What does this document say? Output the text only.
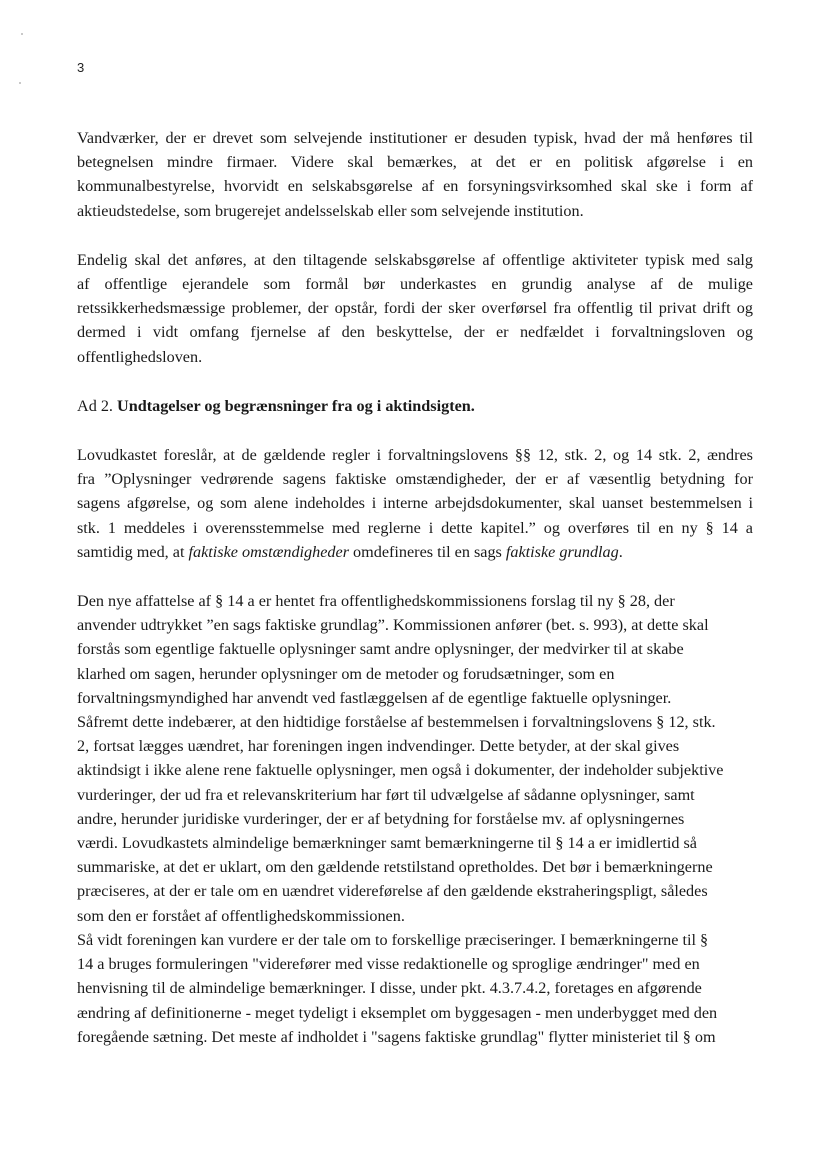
3
Vandværker, der er drevet som selvejende institutioner er desuden typisk, hvad der må henføres til
betegnelsen mindre firmaer. Videre skal bemærkes, at det er en politisk afgørelse i en
kommunalbestyrelse, hvorvidt en selskabsgørelse af en forsyningsvirksomhed skal ske i form af
aktieudstedelse, som brugerejet andelsselskab eller som selvejende institution.
Endelig skal det anføres, at den tiltagende selskabsgørelse af offentlige aktiviteter typisk med salg
af offentlige ejerandele som formål bør underkastes en grundig analyse af de mulige
retssikkerhedsmæssige problemer, der opstår, fordi der sker overførsel fra offentlig til privat drift og
dermed i vidt omfang fjernelse af den beskyttelse, der er nedfældet i forvaltningsloven og
offentlighedsloven.
Ad 2. Undtagelser og begrænsninger fra og i aktindsigten.
Lovudkastet foreslår, at de gældende regler i forvaltningslovens §§ 12, stk. 2, og 14 stk. 2, ændres
fra ”Oplysninger vedrørende sagens faktiske omstændigheder, der er af væsentlig betydning for
sagens afgørelse, og som alene indeholdes i interne arbejdsdokumenter, skal uanset bestemmelsen i
stk. 1 meddeles i overensstemmelse med reglerne i dette kapitel.” og overføres til en ny § 14 a
samtidig med, at faktiske omstændigheder omdefineres til en sags faktiske grundlag.
Den nye affattelse af § 14 a er hentet fra offentlighedskommissionens forslag til ny § 28, der
anvender udtrykket ”en sags faktiske grundlag”. Kommissionen anfører (bet. s. 993), at dette skal
forstås som egentlige faktuelle oplysninger samt andre oplysninger, der medvirker til at skabe
klarhed om sagen, herunder oplysninger om de metoder og forudsætninger, som en
forvaltningsmyndighed har anvendt ved fastlæggelsen af de egentlige faktuelle oplysninger.
Såfremt dette indebærer, at den hidtidige forståelse af bestemmelsen i forvaltningslovens § 12, stk.
2, fortsat lægges uændret, har foreningen ingen indvendinger. Dette betyder, at der skal gives
aktindsigt i ikke alene rene faktuelle oplysninger, men også i dokumenter, der indeholder subjektive
vurderinger, der ud fra et relevanskriterium har ført til udvælgelse af sådanne oplysninger, samt
andre, herunder juridiske vurderinger, der er af betydning for forståelse mv. af oplysningernes
værdi. Lovudkastets almindelige bemærkninger samt bemærkningerne til § 14 a er imidlertid så
summariske, at det er uklart, om den gældende retstilstand opretholdes. Det bør i bemærkningerne
præciseres, at der er tale om en uændret videreførelse af den gældende ekstraheringspligt, således
som den er forstået af offentlighedskommissionen.
Så vidt foreningen kan vurdere er der tale om to forskellige præciseringer. I bemærkningerne til §
14 a bruges formuleringen "viderefører med visse redaktionelle og sproglige ændringer" med en
henvisning til de almindelige bemærkninger. I disse, under pkt. 4.3.7.4.2, foretages en afgørende
ændring af definitionerne - meget tydeligt i eksemplet om byggesagen - men underbygget med den
foregående sætning. Det meste af indholdet i "sagens faktiske grundlag" flytter ministeriet til § om
